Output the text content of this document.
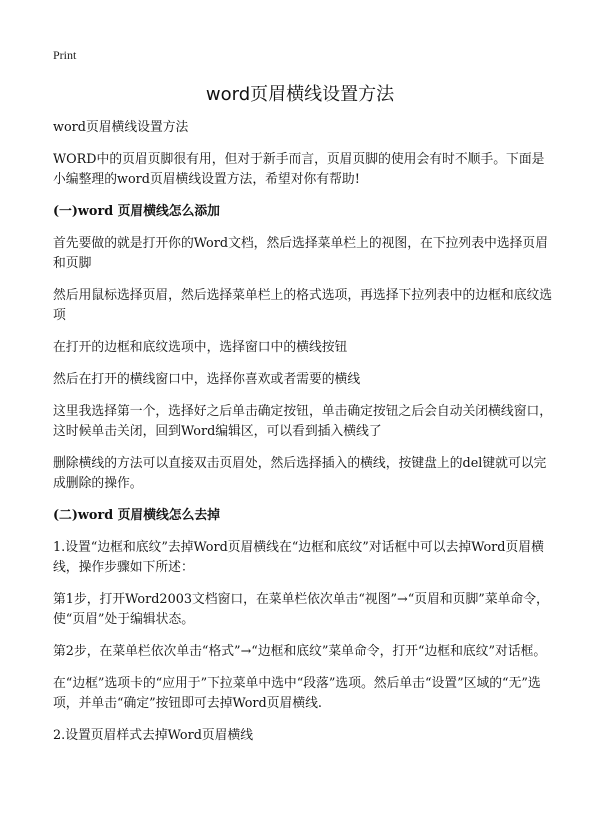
Print
word页眉横线设置方法

word页眉横线设置方法

WORD中的页眉页脚很有用，但对于新手而言，页眉页脚的使用会有时不顺手。下面是小编整理的word页眉横线设置方法，希望对你有帮助!

(一)word 页眉横线怎么添加

首先要做的就是打开你的Word文档，然后选择菜单栏上的视图，在下拉列表中选择页眉和页脚

然后用鼠标选择页眉，然后选择菜单栏上的格式选项，再选择下拉列表中的边框和底纹选项

在打开的边框和底纹选项中，选择窗口中的横线按钮

然后在打开的横线窗口中，选择你喜欢或者需要的横线

这里我选择第一个，选择好之后单击确定按钮，单击确定按钮之后会自动关闭横线窗口，这时候单击关闭，回到Word编辑区，可以看到插入横线了

删除横线的方法可以直接双击页眉处，然后选择插入的横线，按键盘上的del键就可以完成删除的操作。

(二)word 页眉横线怎么去掉

1.设置“边框和底纹”去掉Word页眉横线在“边框和底纹”对话框中可以去掉Word页眉横线，操作步骤如下所述：

第1步，打开Word2003文档窗口，在菜单栏依次单击“视图”→“页眉和页脚”菜单命令，使“页眉”处于编辑状态。

第2步，在菜单栏依次单击“格式”→“边框和底纹”菜单命令，打开“边框和底纹”对话框。

在“边框”选项卡的“应用于”下拉菜单中选中“段落”选项。然后单击“设置”区域的“无”选项，并单击“确定”按钮即可去掉Word页眉横线.

2.设置页眉样式去掉Word页眉横线
